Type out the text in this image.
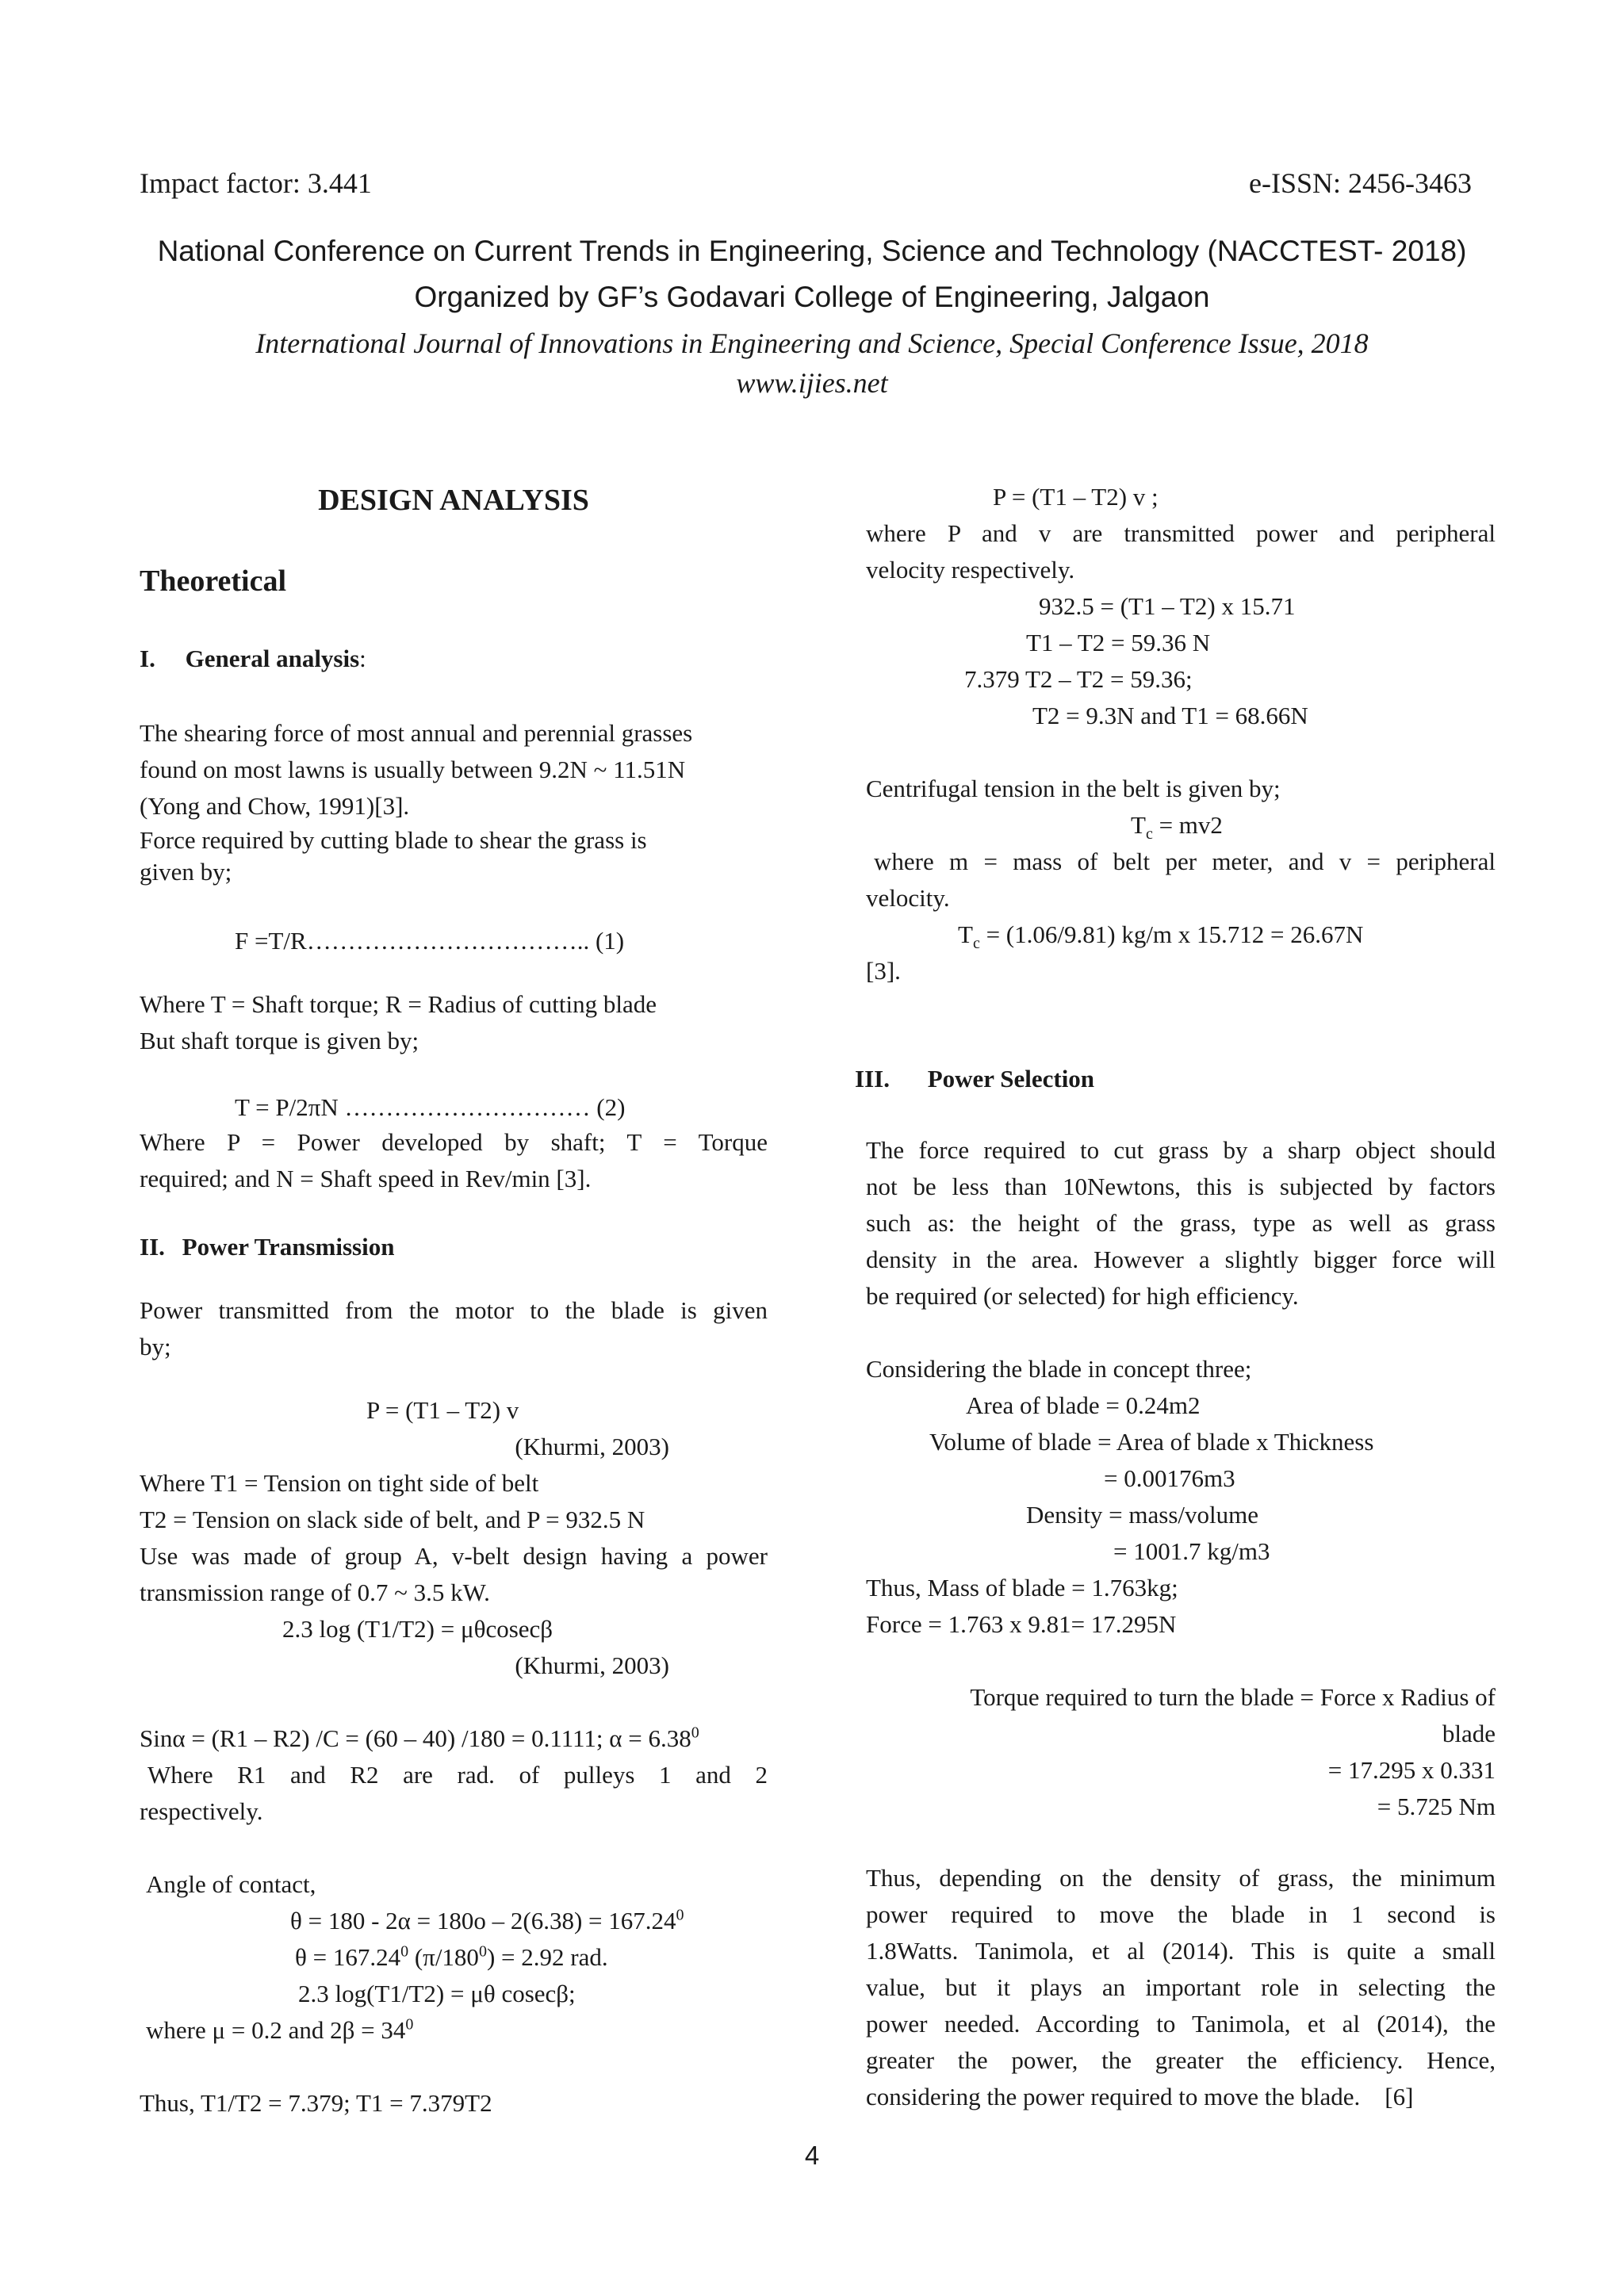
Impact factor: 3.441	e-ISSN: 2456-3463
National Conference on Current Trends in Engineering, Science and Technology (NACCTEST- 2018)
Organized by GF’s Godavari College of Engineering, Jalgaon
International Journal of Innovations in Engineering and Science, Special Conference Issue, 2018
www.ijies.net
DESIGN ANALYSIS
Theoretical
I. General analysis:

The shearing force of most annual and perennial grasses

found on most lawns is usually between 9.2N ~ 11.51N

(Yong and Chow, 1991)[3].

Force required by cutting blade to shear the grass is

given by;

F =T/R…………………………….. (1)

Where T = Shaft torque; R = Radius of cutting blade

But shaft torque is given by;

T = P/2πN ………………………… (2)

Where P = Power developed by shaft; T = Torque

required; and N = Shaft speed in Rev/min [3].

II. Power Transmission

Power transmitted from the motor to the blade is given

by;

P = (T1 – T2) v
(Khurmi, 2003)

Where T1 = Tension on tight side of belt

T2 = Tension on slack side of belt, and P = 932.5 N

Use was made of group A, v-belt design having a power

transmission range of 0.7 ~ 3.5 kW.

2.3 log (T1/T2) = μθcosecβ
(Khurmi, 2003)
Sinα = (R1 – R2) /C = (60 – 40) /180 = 0.1111; $\alpha = 6.38^0$

Where R1 and R2 are rad. of pulleys 1 and 2

respectively.

Angle of contact,
$\theta = 180 - 2\alpha = 180o - 2(6.38) = 167.24^0$
$\theta = 167.24^0$ $(\pi/180^0) = 2.92$ rad.
2.3 log(T1/T2) = μθ cosecβ;
where μ = 0.2 and $2\beta = 34^0$
Thus, T1/T2 = 7.379; T1 = 7.379T2
P = (T1 – T2) v ;

where P and v are transmitted power and peripheral

velocity respectively.

932.5 = (T1 – T2) x 15.71
T1 – T2 = 59.36 N
7.379 T2 – T2 = 59.36;
T2 = 9.3N and T1 = 68.66N
Centrifugal tension in the belt is given by;
$T_c = mv2$

where m = mass of belt per meter, and v = peripheral

velocity.

$T_c = (1.06/9.81)$ kg/m x 15.712 = 26.67N
[3].
III. Power Selection

The force required to cut grass by a sharp object should

not be less than 10Newtons, this is subjected by factors

such as: the height of the grass, type as well as grass

density in the area. However a slightly bigger force will

be required (or selected) for high efficiency.

Considering the blade in concept three;
Area of blade = 0.24m2
Volume of blade = Area of blade x Thickness
= 0.00176m3
Density = mass/volume
= 1001.7 kg/m3
Thus, Mass of blade = 1.763kg;
Force = 1.763 x 9.81= 17.295N

Torque required to turn the blade = Force x Radius of

blade

= 17.295 x 0.331

= 5.725 Nm

Thus, depending on the density of grass, the minimum

power required to move the blade in 1 second is

1.8Watts. Tanimola, et al (2014). This is quite a small

value, but it plays an important role in selecting the

power needed. According to Tanimola, et al (2014), the

greater the power, the greater the efficiency. Hence,

considering the power required to move the blade.    [6]

4
